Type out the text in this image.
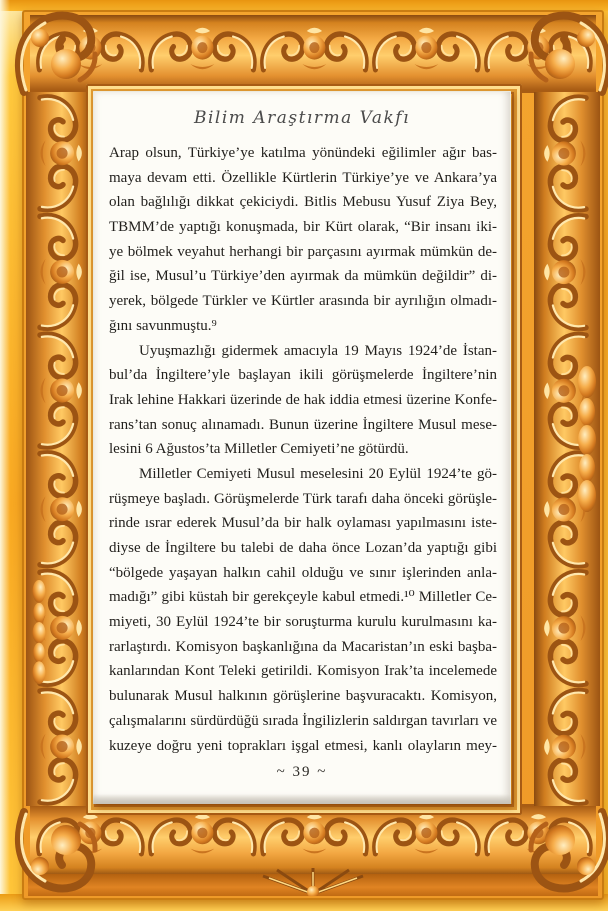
Bilim Araştırma Vakfı
Arap olsun, Türkiye’ye katılma yönündeki eğilimler ağır bas-
maya devam etti. Özellikle Kürtlerin Türkiye’ye ve Ankara’ya
olan bağlılığı dikkat çekiciydi. Bitlis Mebusu Yusuf Ziya Bey,
TBMM’de yaptığı konuşmada, bir Kürt olarak, “Bir insanı iki-
ye bölmek veyahut herhangi bir parçasını ayırmak mümkün de-
ğil ise, Musul’u Türkiye’den ayırmak da mümkün değildir” di-
yerek, bölgede Türkler ve Kürtler arasında bir ayrılığın olmadı-
ğını savunmuştu.⁹
Uyuşmazlığı gidermek amacıyla 19 Mayıs 1924’de İstan-
bul’da İngiltere’yle başlayan ikili görüşmelerde İngiltere’nin
Irak lehine Hakkari üzerinde de hak iddia etmesi üzerine Konfe-
rans’tan sonuç alınamadı. Bunun üzerine İngiltere Musul mese-
lesini 6 Ağustos’ta Milletler Cemiyeti’ne götürdü.
Milletler Cemiyeti Musul meselesini 20 Eylül 1924’te gö-
rüşmeye başladı. Görüşmelerde Türk tarafı daha önceki görüşle-
rinde ısrar ederek Musul’da bir halk oylaması yapılmasını iste-
diyse de İngiltere bu talebi de daha önce Lozan’da yaptığı gibi
“bölgede yaşayan halkın cahil olduğu ve sınır işlerinden anla-
madığı” gibi küstah bir gerekçeyle kabul etmedi.¹⁰ Milletler Ce-
miyeti, 30 Eylül 1924’te bir soruşturma kurulu kurulmasını ka-
rarlaştırdı. Komisyon başkanlığına da Macaristan’ın eski başba-
kanlarından Kont Teleki getirildi. Komisyon Irak’ta incelemede
bulunarak Musul halkının görüşlerine başvuracaktı. Komisyon,
çalışmalarını sürdürdüğü sırada İngilizlerin saldırgan tavırları ve
kuzeye doğru yeni toprakları işgal etmesi, kanlı olayların mey-
~ 39 ~
